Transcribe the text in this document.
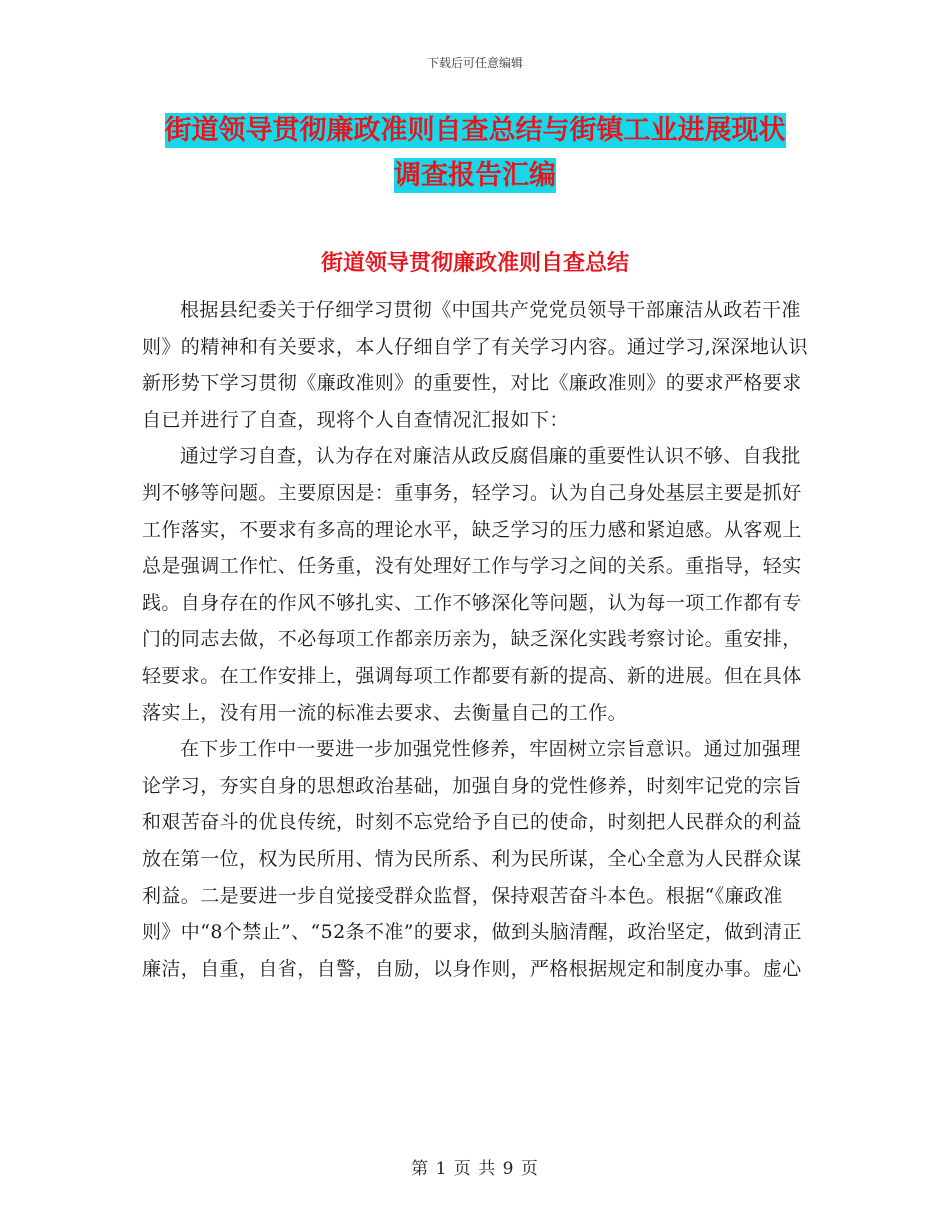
下载后可任意编辑
街道领导贯彻廉政准则自查总结与街镇工业进展现状
调查报告汇编
街道领导贯彻廉政准则自查总结

根据县纪委关于仔细学习贯彻《中国共产党党员领导干部廉洁从政若干准则》的精神和有关要求，本人仔细自学了有关学习内容。通过学习,深深地认识新形势下学习贯彻《廉政准则》的重要性，对比《廉政准则》的要求严格要求自已并进行了自查，现将个人自查情况汇报如下：

通过学习自查，认为存在对廉洁从政反腐倡廉的重要性认识不够、自我批判不够等问题。主要原因是：重事务，轻学习。认为自己身处基层主要是抓好工作落实，不要求有多高的理论水平，缺乏学习的压力感和紧迫感。从客观上总是强调工作忙、任务重，没有处理好工作与学习之间的关系。重指导，轻实践。自身存在的作风不够扎实、工作不够深化等问题，认为每一项工作都有专门的同志去做，不必每项工作都亲历亲为，缺乏深化实践考察讨论。重安排，轻要求。在工作安排上，强调每项工作都要有新的提高、新的进展。但在具体落实上，没有用一流的标准去要求、去衡量自己的工作。

在下步工作中一要进一步加强党性修养，牢固树立宗旨意识。通过加强理论学习，夯实自身的思想政治基础，加强自身的党性修养，时刻牢记党的宗旨和艰苦奋斗的优良传统，时刻不忘党给予自已的使命，时刻把人民群众的利益放在第一位，权为民所用、情为民所系、利为民所谋，全心全意为人民群众谋利益。二是要进一步自觉接受群众监督，保持艰苦奋斗本色。根据“《廉政准则》中“8个禁止”、“52条不准”的要求，做到头脑清醒，政治坚定，做到清正廉洁，自重，自省，自警，自励，以身作则，严格根据规定和制度办事。虚心

第 1 页 共 9 页
